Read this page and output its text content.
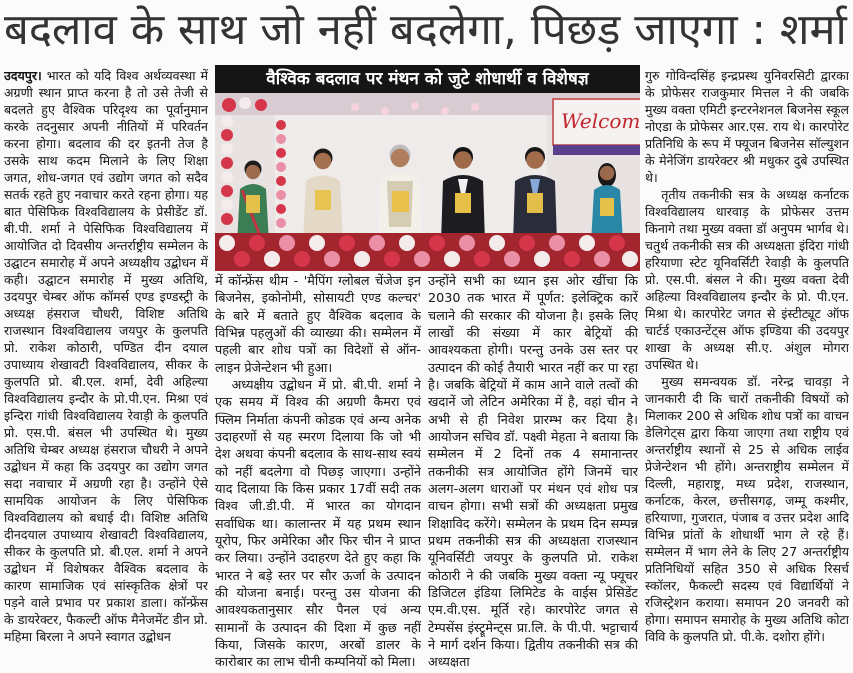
बदलाव के साथ जो नहीं बदलेगा, पिछड़ जाएगा : शर्मा
वैश्विक बदलाव पर मंथन को जुटे शोधार्थी व विशेषज्ञ
Welcom

उदयपुर। भारत को यदि विश्व अर्थव्यवस्था में अग्रणी स्थान प्राप्त करना है तो उसे तेजी से बदलते हुए वैश्विक परिदृश्य का पूर्वानुमान करके तदनुसार अपनी नीतियों में परिवर्तन करना होगा। बदलाव की दर इतनी तेज है उसके साथ कदम मिलाने के लिए शिक्षा जगत, शोध-जगत एवं उद्योग जगत को सदैव सतर्क रहते हुए नवाचार करते रहना होगा। यह बात पेसिफिक विश्वविद्यालय के प्रेसीडेंट डॉ. बी.पी. शर्मा ने पेसिफिक विश्वविद्यालय में आयोजित दो दिवसीय अन्तर्राष्ट्रीय सम्मेलन के उद्घाटन समारोह में अपने अध्यक्षीय उद्बोधन में कही। उद्घाटन समारोह में मुख्य अतिथि, उदयपुर चेम्बर ऑफ कॉमर्स एण्ड इण्डस्ट्री के अध्यक्ष हंसराज चौधरी, विशिष्ट अतिथि राजस्थान विश्वविद्यालय जयपुर के कुलपति प्रो. राकेश कोठारी, पण्डित दीन दयाल उपाध्याय शेखावटी विश्वविद्यालय, सीकर के कुलपति प्रो. बी.एल. शर्मा, देवी अहिल्या विश्वविद्यालय इन्दौर के प्रो.पी.एन. मिश्रा एवं इन्दिरा गांधी विश्वविद्यालय रेवाड़ी के कुलपति प्रो. एस.पी. बंसल भी उपस्थित थे। मुख्य अतिथि चेम्बर अध्यक्ष हंसराज चौधरी ने अपने उद्बोधन में कहा कि उदयपुर का उद्योग जगत सदा नवाचार में अग्रणी रहा है। उन्होंने ऐसे सामयिक आयोजन के लिए पेसिफिक विश्वविद्यालय को बधाई दी। विशिष्ट अतिथि दीनदयाल उपाध्याय शेखावटी विश्वविद्यालय, सीकर के कुलपति प्रो. बी.एल. शर्मा ने अपने उद्बोधन में विशेषकर वैश्विक बदलाव के कारण सामाजिक एवं सांस्कृतिक क्षेत्रों पर पड़ने वाले प्रभाव पर प्रकाश डाला। कॉन्फ्रेंस के डायरेक्टर, फैकल्टी ऑफ मैनेजमेंट डीन प्रो. महिमा बिरला ने अपने स्वागत उद्बोधन

में कॉन्फ्रेंस थीम - 'मैपिंग ग्लोबल चेंजेज इन बिजनेस, इकोनोमी, सोसायटी एण्ड कल्चर' के बारे में बताते हुए वैश्विक बदलाव के विभिन्न पहलुओं की व्याख्या की। सम्मेलन में पहली बार शोध पत्रों का विदेशों से ऑन-लाइन प्रेजेन्टेशन भी हुआ।

अध्यक्षीय उद्बोधन में प्रो. बी.पी. शर्मा ने एक समय में विश्व की अग्रणी कैमरा एवं फ्लिम निर्माता कंपनी कोडक एवं अन्य अनेक उदाहरणों से यह स्मरण दिलाया कि जो भी देश अथवा कंपनी बदलाव के साथ-साथ स्वयं को नहीं बदलेगा वो पिछड़ जाएगा। उन्होंने याद दिलाया कि किस प्रकार 17वीं सदी तक विश्व जी.डी.पी. में भारत का योगदान सर्वाधिक था। कालान्तर में यह प्रथम स्थान यूरोप, फिर अमेरिका और फिर चीन ने प्राप्त कर लिया। उन्होंने उदाहरण देते हुए कहा कि भारत ने बड़े स्तर पर सौर ऊर्जा के उत्पादन की योजना बनाई। परन्तु उस योजना की आवश्यकतानुसार सौर पैनल एवं अन्य सामानों के उत्पादन की दिशा में कुछ नहीं किया, जिसके कारण, अरबों डालर के कारोबार का लाभ चीनी कम्पनियों को मिला।

उन्होंने सभी का ध्यान इस ओर खींचा कि 2030 तक भारत में पूर्णत: इलेक्ट्रिक कारें चलाने की सरकार की योजना है। इसके लिए लाखों की संख्या में कार बेट्रियों की आवश्यकता होगी। परन्तु उनके उस स्तर पर उत्पादन की कोई तैयारी भारत नहीं कर पा रहा है। जबकि बेट्रियों में काम आने वाले तत्वों की खदानें जो लेटिन अमेरिका में है, वहां चीन ने अभी से ही निवेश प्रारम्भ कर दिया है। आयोजन सचिव डॉ. पक्ष्वी मेहता ने बताया कि सम्मेलन में 2 दिनों तक 4 समानान्तर तकनीकी सत्र आयोजित होंगे जिनमें चार अलग-अलग धाराओं पर मंथन एवं शोध पत्र वाचन होगा। सभी सत्रों की अध्यक्षता प्रमुख शिक्षाविद करेंगे। सम्मेलन के प्रथम दिन सम्पन्न प्रथम तकनीकी सत्र की अध्यक्षता राजस्थान यूनिवर्सिटी जयपुर के कुलपति प्रो. राकेश कोठारी ने की जबकि मुख्य वक्ता न्यू फ्यूचर डिजिटल इंडिया लिमिटेड के वाईस प्रेसिडेंट एम.वी.एस. मूर्ति रहे। कारपोरेट जगत से टेम्पसेंस इंस्ट्रूमेन्ट्स प्रा.लि. के पी.पी. भट्टाचार्य ने मार्ग दर्शन किया। द्वितीय तकनीकी सत्र की अध्यक्षता

गुरु गोविन्दसिंह इन्द्रप्रस्थ युनिवरसिटी द्वारका के प्रोफेसर राजकुमार मित्तल ने की जबकि मुख्य वक्ता एमिटी इन्टरनेशनल बिजनेस स्कूल नोएडा के प्रोफेसर आर.एस. राय थे। कारपोरेट प्रतिनिधि के रूप में फ्यूजन बिजनेस सॉल्युशन के मेनेजिंग डायरेक्टर श्री मधुकर दुबे उपस्थित थे।

तृतीय तकनीकी सत्र के अध्यक्ष कर्नाटक विश्वविद्यालय धारवाड़ के प्रोफेसर उत्तम किनागे तथा मुख्य वक्ता डॉ अनुपम भार्गव थे। चतुर्थ तकनीकी सत्र की अध्यक्षता इंदिरा गांधी हरियाणा स्टेट यूनिवर्सिटी रेवाड़ी के कुलपति प्रो. एस.पी. बंसल ने की। मुख्य वक्ता देवी अहिल्या विश्वविद्यालय इन्दौर के प्रो. पी.एन. मिश्रा थे। कारपोरेट जगत से इंस्टीट्यूट ऑफ चार्टर्ड एकाउन्टेंट्स ऑफ इण्डिया की उदयपुर शाखा के अध्यक्ष सी.ए. अंशुल मोगरा उपस्थित थे।

मुख्य समन्वयक डॉ. नरेन्द्र चावड़ा ने जानकारी दी कि चारों तकनीकी विषयों को मिलाकर 200 से अधिक शोध पत्रों का वाचन डेलिगेट्स द्वारा किया जाएगा तथा राष्ट्रीय एवं अन्तर्राष्ट्रीय स्थानों से 25 से अधिक लाईव प्रेजेन्टेशन भी होंगे। अन्तराष्ट्रीय सम्मेलन में दिल्ली, महाराष्ट्र, मध्य प्रदेश, राजस्थान, कर्नाटक, केरल, छत्तीसगढ़, जम्मू कश्मीर, हरियाणा, गुजरात, पंजाब व उत्तर प्रदेश आदि विभिन्न प्रांतों के शोधार्थी भाग ले रहे हैं। सम्मेलन में भाग लेने के लिए 27 अन्तर्राष्ट्रीय प्रतिनिधियों सहित 350 से अधिक रिसर्च स्कॉलर, फैकल्टी सदस्य एवं विद्यार्थियों ने रजिस्ट्रेशन कराया। समापन 20 जनवरी को होगा। समापन समारोह के मुख्य अतिथि कोटा विवि के कुलपति प्रो. पी.के. दशोरा होंगे।
